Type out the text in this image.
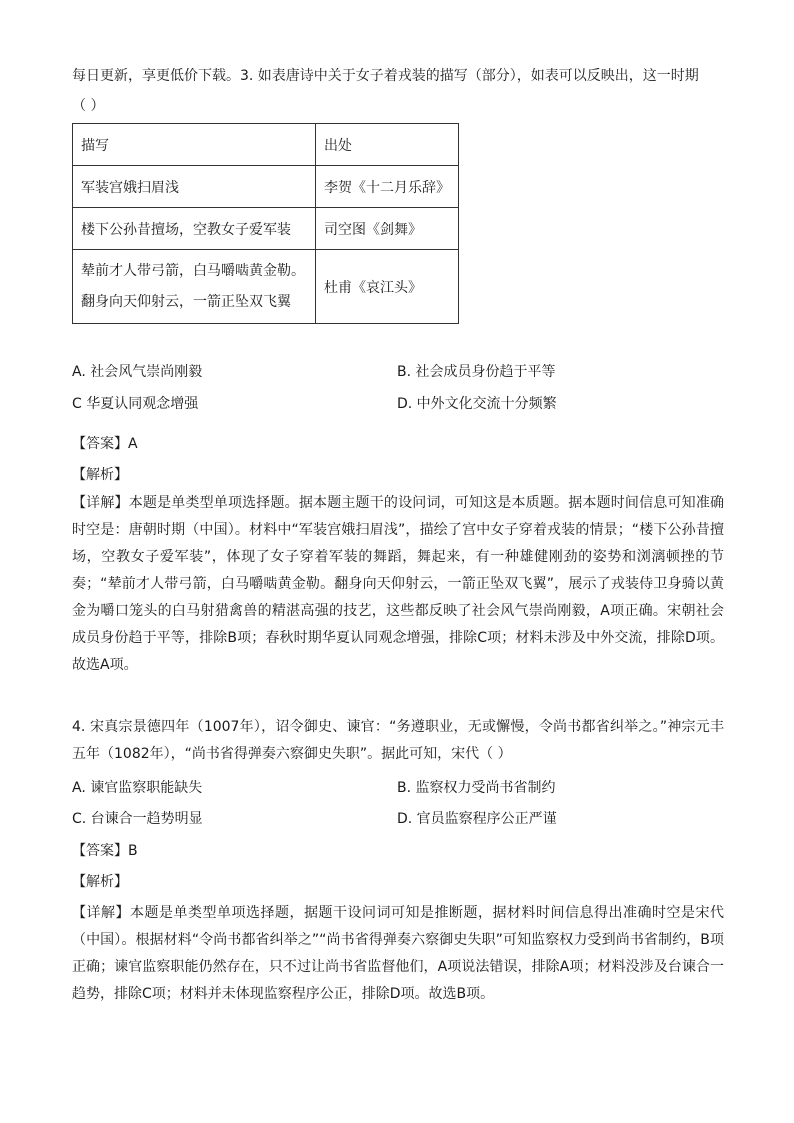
每日更新，享更低价下载。3. 如表唐诗中关于女子着戎装的描写（部分），如表可以反映出，这一时期
（ ）
描写	出处
军装宫娥扫眉浅	李贺《十二月乐辞》
楼下公孙昔擅场，空教女子爱军装	司空图《剑舞》

辇前才人带弓箭，白马嚼啮黄金勒。
翻身向天仰射云，一箭正坠双飞翼	杜甫《哀江头》
A. 社会风气崇尚刚毅	B. 社会成员身份趋于平等
C 华夏认同观念增强	D. 中外文化交流十分频繁
【答案】A
【解析】
【详解】本题是单类型单项选择题。据本题主题干的设问词，可知这是本质题。据本题时间信息可知准确时空是：唐朝时期（中国）。材料中“军装宫娥扫眉浅”，描绘了宫中女子穿着戎装的情景；“楼下公孙昔擅场，空教女子爱军装”，体现了女子穿着军装的舞蹈，舞起来，有一种雄健刚劲的姿势和浏漓顿挫的节奏；“辇前才人带弓箭，白马嚼啮黄金勒。翻身向天仰射云，一箭正坠双飞翼”，展示了戎装侍卫身骑以黄金为嚼口笼头的白马射猎禽兽的精湛高强的技艺，这些都反映了社会风气崇尚刚毅，A项正确。宋朝社会成员身份趋于平等，排除B项；春秋时期华夏认同观念增强，排除C项；材料未涉及中外交流，排除D项。故选A项。
4. 宋真宗景德四年（1007年），诏令御史、谏官：“务遵职业，无或懈慢，令尚书都省纠举之。”神宗元丰五年（1082年），“尚书省得弹奏六察御史失职”。据此可知，宋代（ ）
A. 谏官监察职能缺失	B. 监察权力受尚书省制约
C. 台谏合一趋势明显	D. 官员监察程序公正严谨
【答案】B
【解析】
【详解】本题是单类型单项选择题，据题干设问词可知是推断题，据材料时间信息得出准确时空是宋代（中国）。根据材料“令尚书都省纠举之”“尚书省得弹奏六察御史失职”可知监察权力受到尚书省制约，B项正确；谏官监察职能仍然存在，只不过让尚书省监督他们，A项说法错误，排除A项；材料没涉及台谏合一趋势，排除C项；材料并未体现监察程序公正，排除D项。故选B项。
